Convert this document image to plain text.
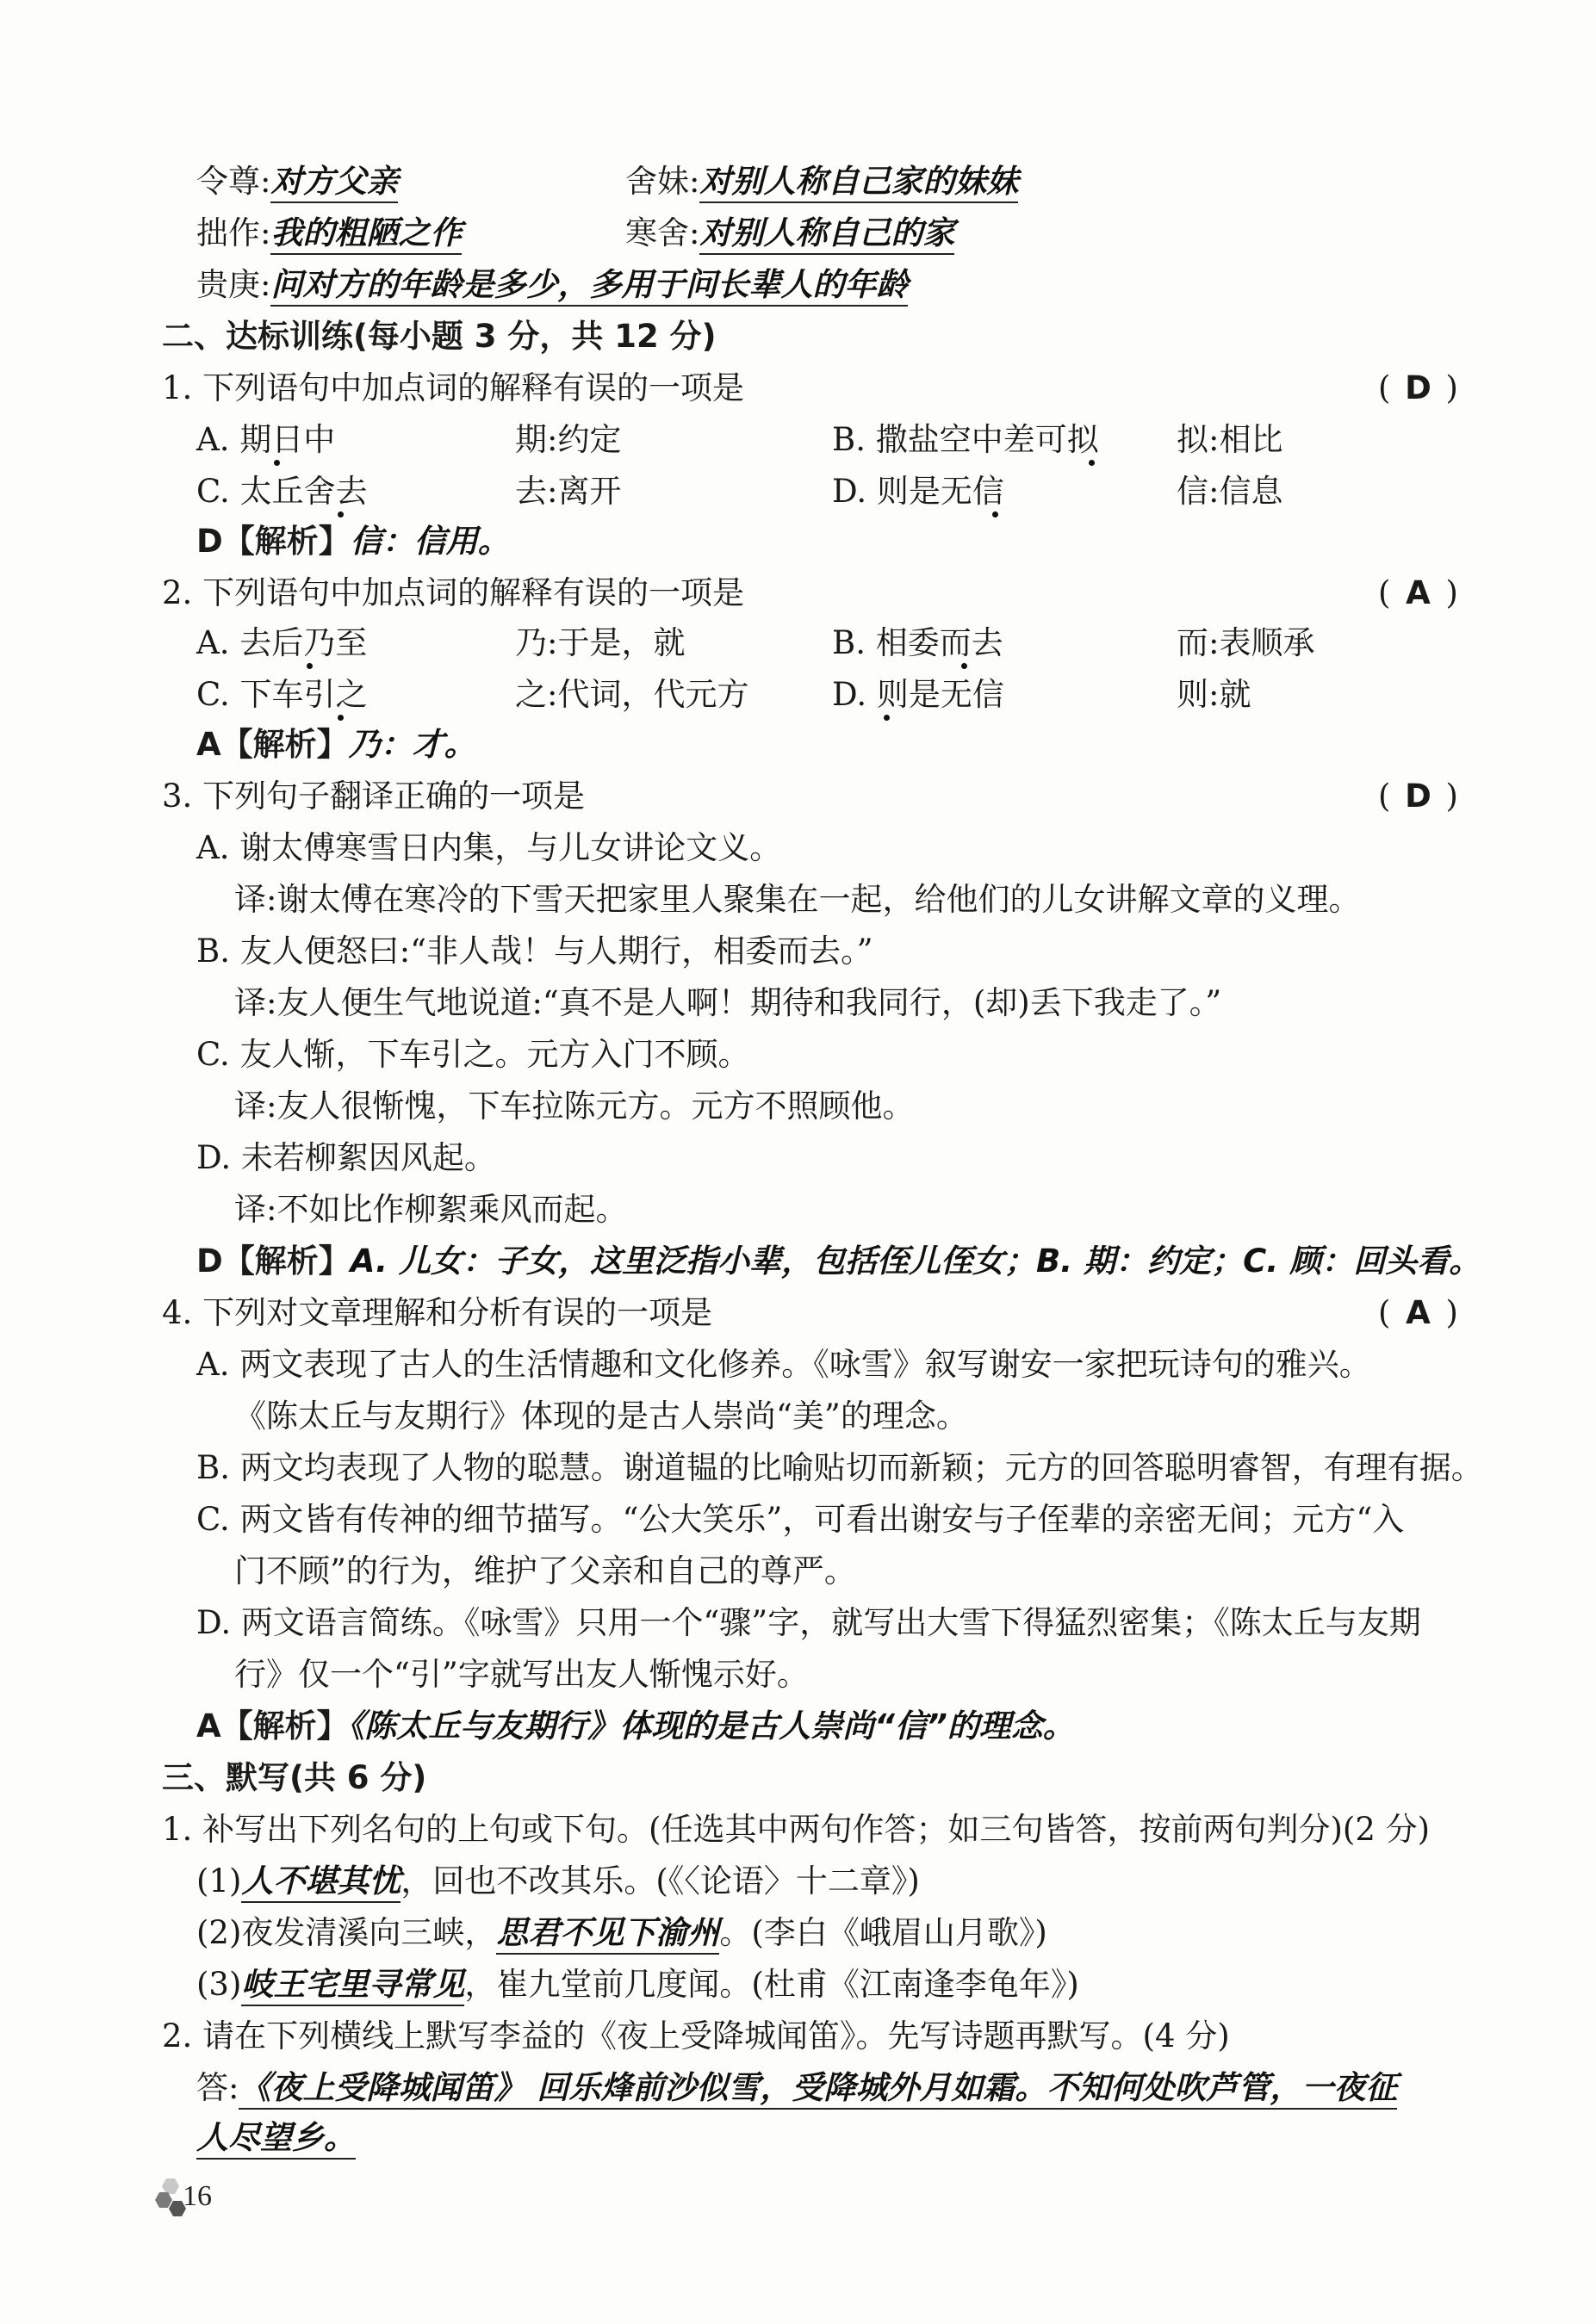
令尊:对方父亲	舍妹:对别人称自己家的妹妹
拙作:我的粗陋之作	寒舍:对别人称自己的家
贵庚:问对方的年龄是多少，多用于问长辈人的年龄
二、达标训练(每小题 3 分，共 12 分)
1. 下列语句中加点词的解释有误的一项是	( D )
A. 期日中	期:约定	B. 撒盐空中差可拟 拟:相比
C. 太丘舍去	去:离开	D. 则是无信	信:信息
D【解析】信：信用。
2. 下列语句中加点词的解释有误的一项是	( A )
A. 去后乃至	乃:于是，就	B. 相委而去	而:表顺承
C. 下车引之	之:代词，代元方	D. 则是无信	则:就
A【解析】乃：才。
3. 下列句子翻译正确的一项是	( D )
A. 谢太傅寒雪日内集，与儿女讲论文义。
译:谢太傅在寒冷的下雪天把家里人聚集在一起，给他们的儿女讲解文章的义理。
B. 友人便怒曰:“非人哉！与人期行，相委而去。”
译:友人便生气地说道:“真不是人啊！期待和我同行，(却)丢下我走了。”
C. 友人惭，下车引之。元方入门不顾。
译:友人很惭愧，下车拉陈元方。元方不照顾他。
D. 未若柳絮因风起。
译:不如比作柳絮乘风而起。
D【解析】A. 儿女：子女，这里泛指小辈，包括侄儿侄女；B. 期：约定；C. 顾：回头看。
4. 下列对文章理解和分析有误的一项是	( A )
A. 两文表现了古人的生活情趣和文化修养。《咏雪》叙写谢安一家把玩诗句的雅兴。
《陈太丘与友期行》体现的是古人崇尚“美”的理念。
B. 两文均表现了人物的聪慧。谢道韫的比喻贴切而新颖；元方的回答聪明睿智，有理有据。
C. 两文皆有传神的细节描写。“公大笑乐”，可看出谢安与子侄辈的亲密无间；元方“入
门不顾”的行为，维护了父亲和自己的尊严。
D. 两文语言简练。《咏雪》只用一个“骤”字，就写出大雪下得猛烈密集；《陈太丘与友期
行》仅一个“引”字就写出友人惭愧示好。
A【解析】《陈太丘与友期行》体现的是古人崇尚“信”的理念。
三、默写(共 6 分)
1. 补写出下列名句的上句或下句。(任选其中两句作答；如三句皆答，按前两句判分)(2 分)
(1)人不堪其忧，回也不改其乐。(《〈论语〉十二章》)
(2)夜发清溪向三峡，思君不见下渝州。(李白《峨眉山月歌》)
(3)岐王宅里寻常见，崔九堂前几度闻。(杜甫《江南逢李龟年》)
2. 请在下列横线上默写李益的《夜上受降城闻笛》。先写诗题再默写。(4 分)
答:《夜上受降城闻笛》 回乐烽前沙似雪，受降城外月如霜。不知何处吹芦管，一夜征
人尽望乡。
16
